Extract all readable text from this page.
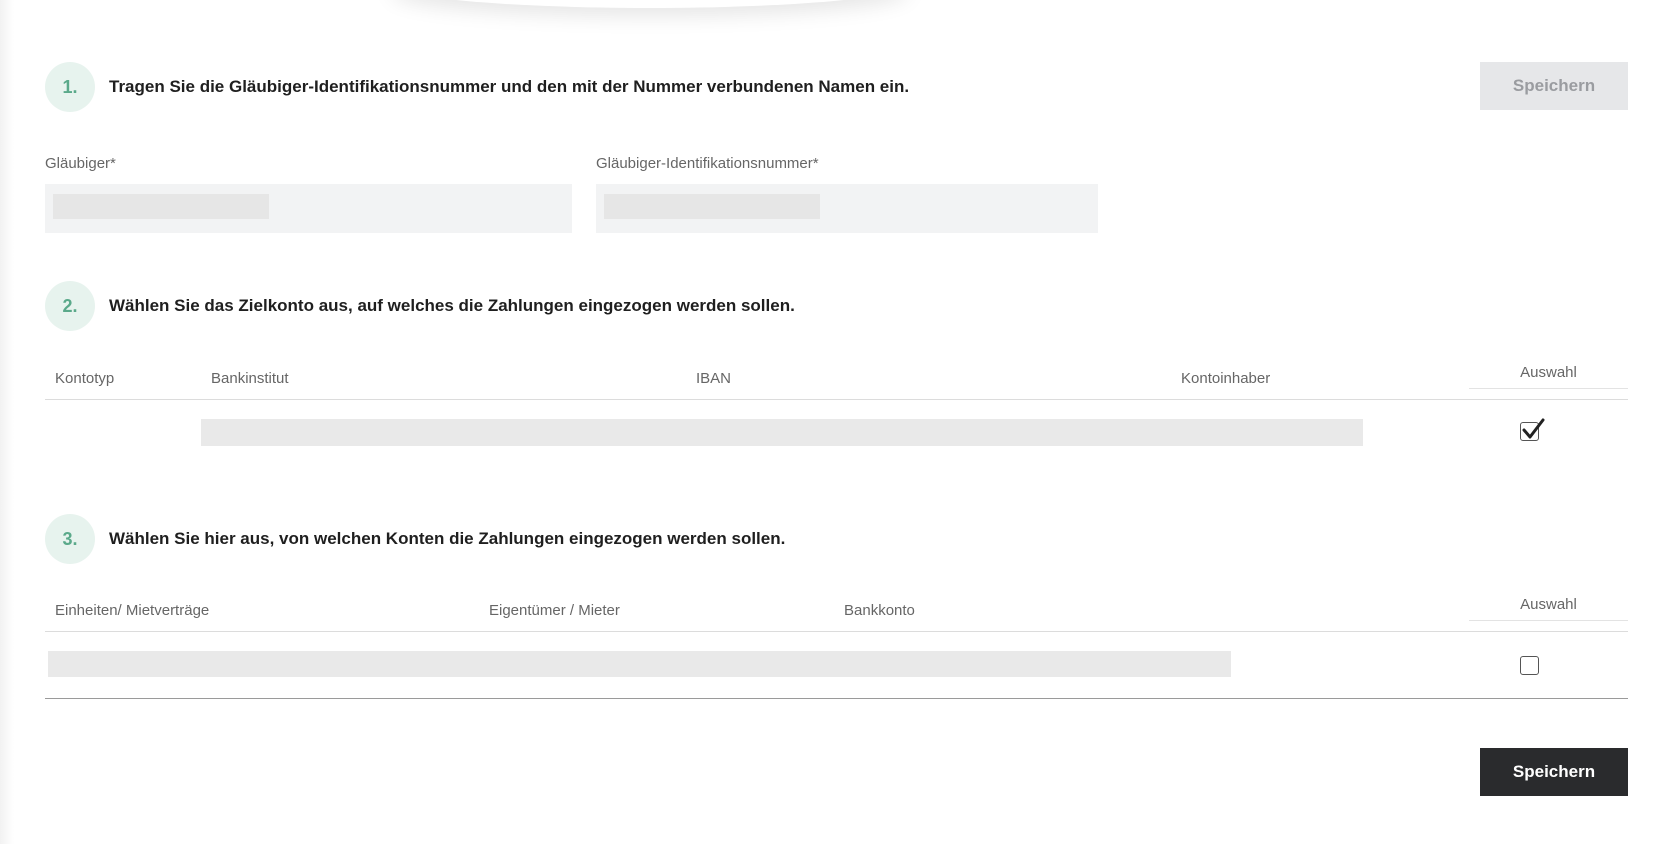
1.	Tragen Sie die Gläubiger-Identifikationsnummer und den mit der Nummer verbundenen Namen ein.	Speichern
Gläubiger*	Gläubiger-Identifikationsnummer*
2.	Wählen Sie das Zielkonto aus, auf welches die Zahlungen eingezogen werden sollen.
Kontotyp	Bankinstitut	IBAN	Kontoinhaber	Auswahl
3.	Wählen Sie hier aus, von welchen Konten die Zahlungen eingezogen werden sollen.
Einheiten/ Mietverträge	Eigentümer / Mieter	Bankkonto	Auswahl
Speichern
